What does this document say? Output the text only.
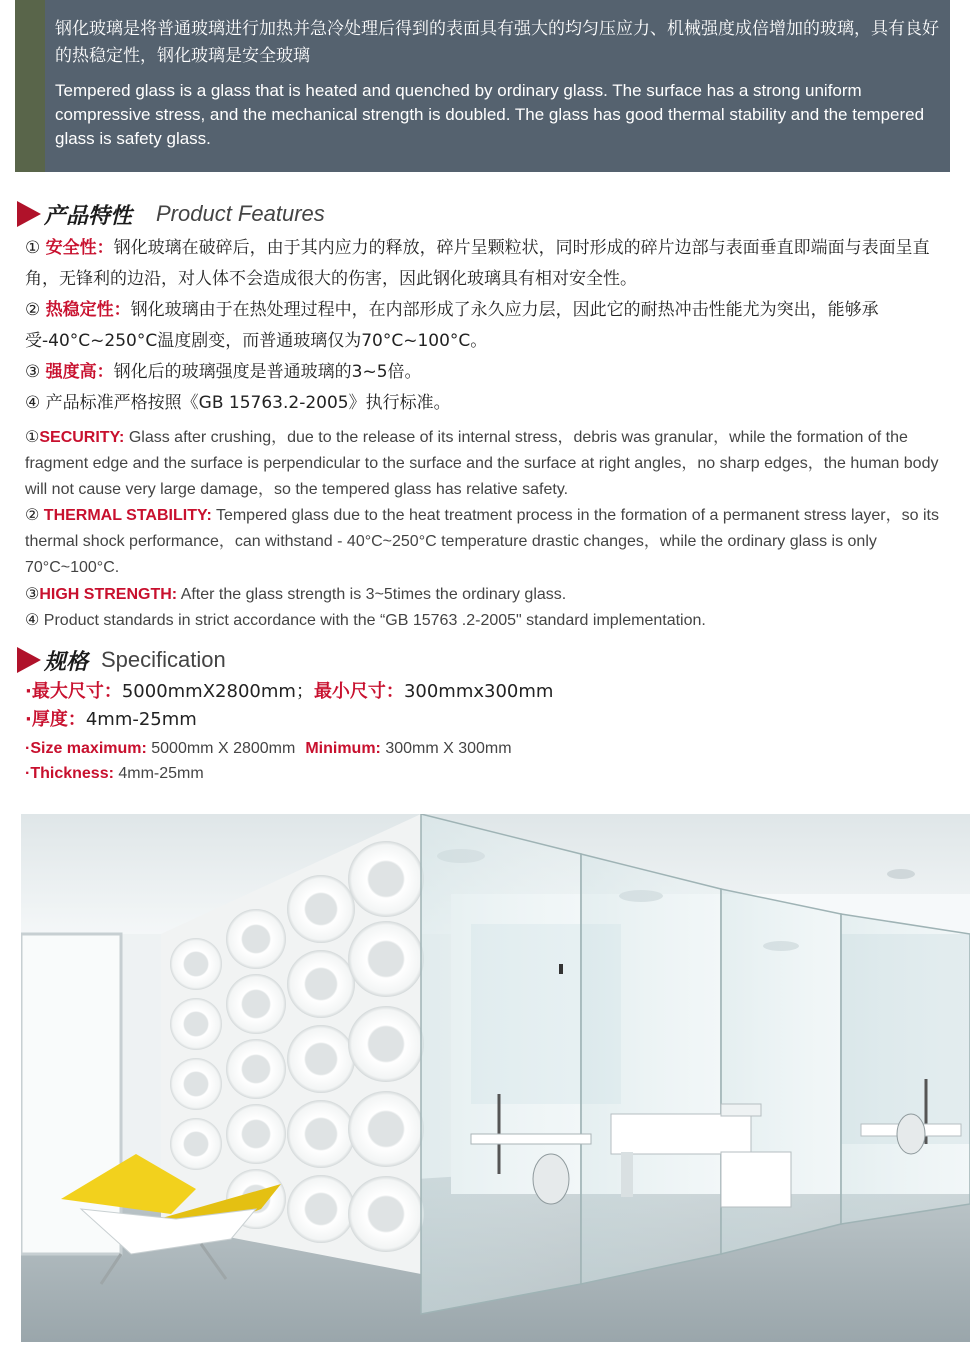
钢化玻璃是将普通玻璃进行加热并急冷处理后得到的表面具有强大的均匀压应力、机械强度成倍增加的玻璃，具有良好的热稳定性，钢化玻璃是安全玻璃
Tempered glass is a glass that is heated and quenched by ordinary glass. The surface has a strong uniform compressive stress, and the mechanical strength is doubled. The glass has good thermal stability and the tempered glass is safety glass.
产品特性 Product Features
① 安全性：钢化玻璃在破碎后，由于其内应力的释放，碎片呈颗粒状，同时形成的碎片边部与表面垂直即端面与表面呈直角，无锋利的边沿，对人体不会造成很大的伤害，因此钢化玻璃具有相对安全性。
② 热稳定性：钢化玻璃由于在热处理过程中，在内部形成了永久应力层，因此它的耐热冲击性能尤为突出，能够承受-40°C~250°C温度剧变，而普通玻璃仅为70°C~100°C。
③ 强度高：钢化后的玻璃强度是普通玻璃的3~5倍。
④ 产品标准严格按照《GB 15763.2-2005》执行标准。
①SECURITY: Glass after crushing，due to the release of its internal stress，debris was granular，while the formation of the fragment edge and the surface is perpendicular to the surface and the surface at right angles，no sharp edges，the human body will not cause very large damage，so the tempered glass has relative safety.
② THERMAL STABILITY: Tempered glass due to the heat treatment process in the formation of a permanent stress layer，so its thermal shock performance，can withstand - 40°C~250°C temperature drastic changes，while the ordinary glass is only 70°C~100°C.
③HIGH STRENGTH: After the glass strength is 3~5times the ordinary glass.
④ Product standards in strict accordance with the “GB 15763 .2-2005" standard implementation.
规格 Specification
·最大尺寸：5000mmX2800mm；最小尺寸：300mmx300mm
·厚度：4mm-25mm
·Size maximum: 5000mm X 2800mm Minimum: 300mm X 300mm
·Thickness: 4mm-25mm
